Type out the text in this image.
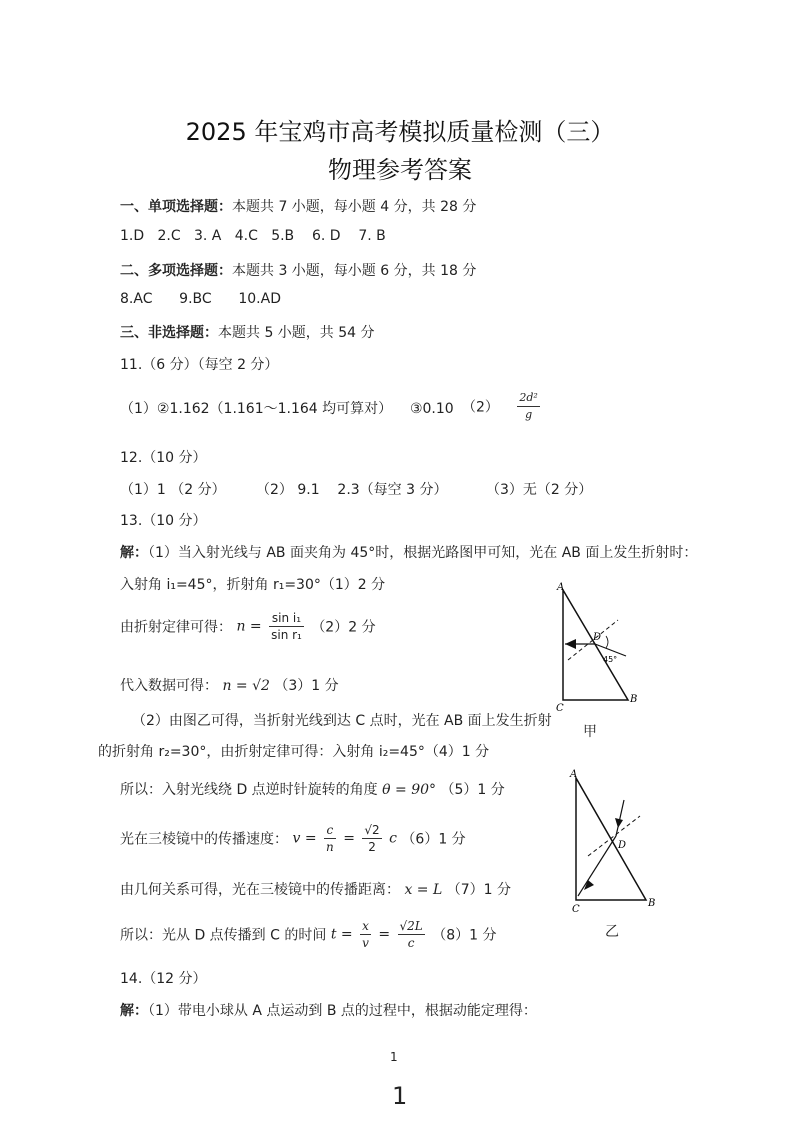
2025 年宝鸡市高考模拟质量检测（三）
物理参考答案
一、单项选择题：本题共 7 小题，每小题 4 分，共 28 分
1.D   2.C   3. A   4.C   5.B    6. D    7. B
二、多项选择题：本题共 3 小题，每小题 6 分，共 18 分
8.AC      9.BC      10.AD
三、非选择题：本题共 5 小题，共 54 分
11.（6 分）（每空 2 分）
（1）②1.162（1.161～1.164 均可算对）    ③0.10 $(2) \frac{\text{2d²}}{g}$
12.（10 分）
（1）1 （2 分） （2） 9.1    2.3（每空 3 分）	（3）无（2 分）
13.（10 分）
解：（1）当入射光线与 AB 面夹角为 45°时，根据光路图甲可知，光在 AB 面上发生折射时：
入射角 i₁=45°，折射角 r₁=30°（1）2 分
由折射定律可得： $n = \frac{\text{sin i₁}}{\text{sin r₁}} (2)2$ 分
代入数据可得： n = √2 （3）1 分
（2）由图乙可得，当折射光线到达 C 点时，光在 AB 面上发生折射
的折射角 r₂=30°，由折射定律可得：入射角 i₂=45°（4）1 分
所以：入射光线绕 D 点逆时针旋转的角度 θ = 90° （5）1 分
光在三棱镜中的传播速度： $v = \frac{c}{n} = \frac{√2}{2}$ c （6）1 分
由几何关系可得，光在三棱镜中的传播距离： x = L （7）1 分
所以：光从 D 点传播到 C 的时间 $t = \frac{x}{v} = \frac{√2L}{c} (8)1$ 分
A
C
B
D
45°
甲
A
C
B
D
乙
14.（12 分）
解：（1）带电小球从 A 点运动到 B 点的过程中，根据动能定理得：
1
1
